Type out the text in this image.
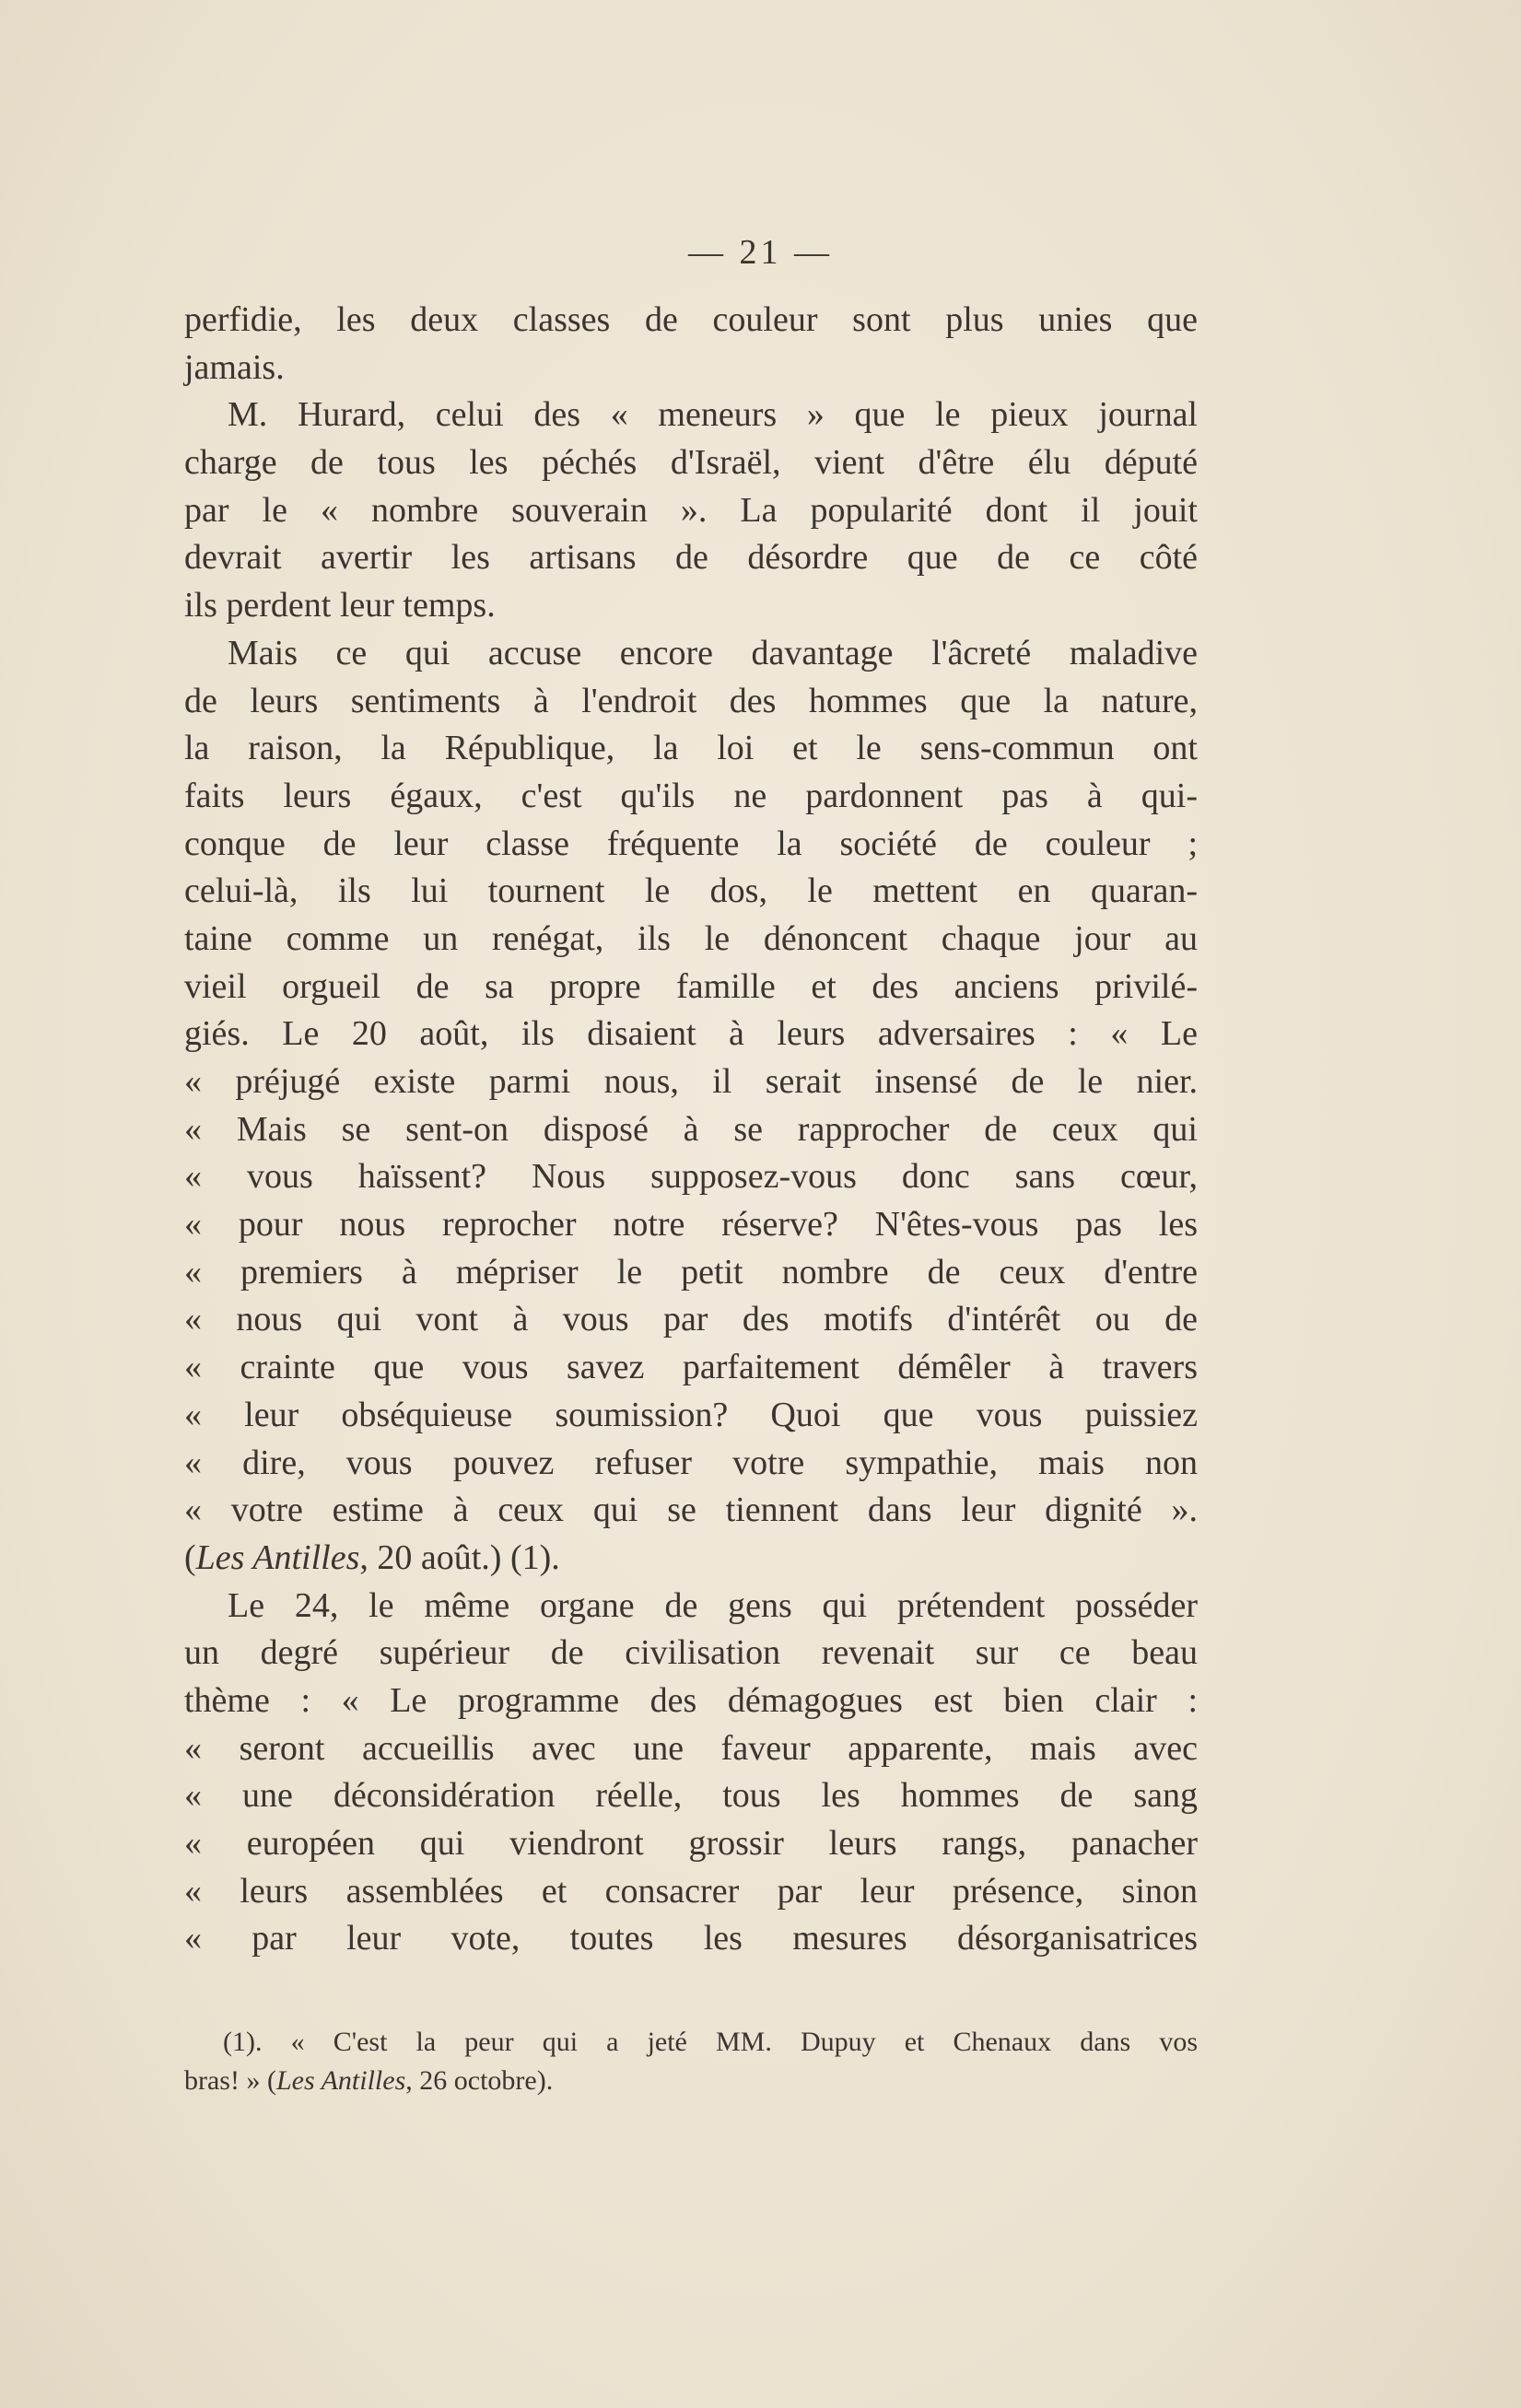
— 21 —
perfidie, les deux classes de couleur sont plus unies que
jamais.
M. Hurard, celui des « meneurs » que le pieux journal
charge de tous les péchés d'Israël, vient d'être élu député
par le « nombre souverain ». La popularité dont il jouit
devrait avertir les artisans de désordre que de ce côté
ils perdent leur temps.
Mais ce qui accuse encore davantage l'âcreté maladive
de leurs sentiments à l'endroit des hommes que la nature,
la raison, la République, la loi et le sens-commun ont
faits leurs égaux, c'est qu'ils ne pardonnent pas à qui-
conque de leur classe fréquente la société de couleur ;
celui-là, ils lui tournent le dos, le mettent en quaran-
taine comme un renégat, ils le dénoncent chaque jour au
vieil orgueil de sa propre famille et des anciens privilé-
giés. Le 20 août, ils disaient à leurs adversaires : « Le
« préjugé existe parmi nous, il serait insensé de le nier.
« Mais se sent-on disposé à se rapprocher de ceux qui
« vous haïssent? Nous supposez-vous donc sans cœur,
« pour nous reprocher notre réserve? N'êtes-vous pas les
« premiers à mépriser le petit nombre de ceux d'entre
« nous qui vont à vous par des motifs d'intérêt ou de
« crainte que vous savez parfaitement démêler à travers
« leur obséquieuse soumission? Quoi que vous puissiez
« dire, vous pouvez refuser votre sympathie, mais non
« votre estime à ceux qui se tiennent dans leur dignité ».
(Les Antilles, 20 août.) (1).
Le 24, le même organe de gens qui prétendent posséder
un degré supérieur de civilisation revenait sur ce beau
thème : « Le programme des démagogues est bien clair :
« seront accueillis avec une faveur apparente, mais avec
« une déconsidération réelle, tous les hommes de sang
« européen qui viendront grossir leurs rangs, panacher
« leurs assemblées et consacrer par leur présence, sinon
« par leur vote, toutes les mesures désorganisatrices
(1). « C'est la peur qui a jeté MM. Dupuy et Chenaux dans vos
bras! » (Les Antilles, 26 octobre).
